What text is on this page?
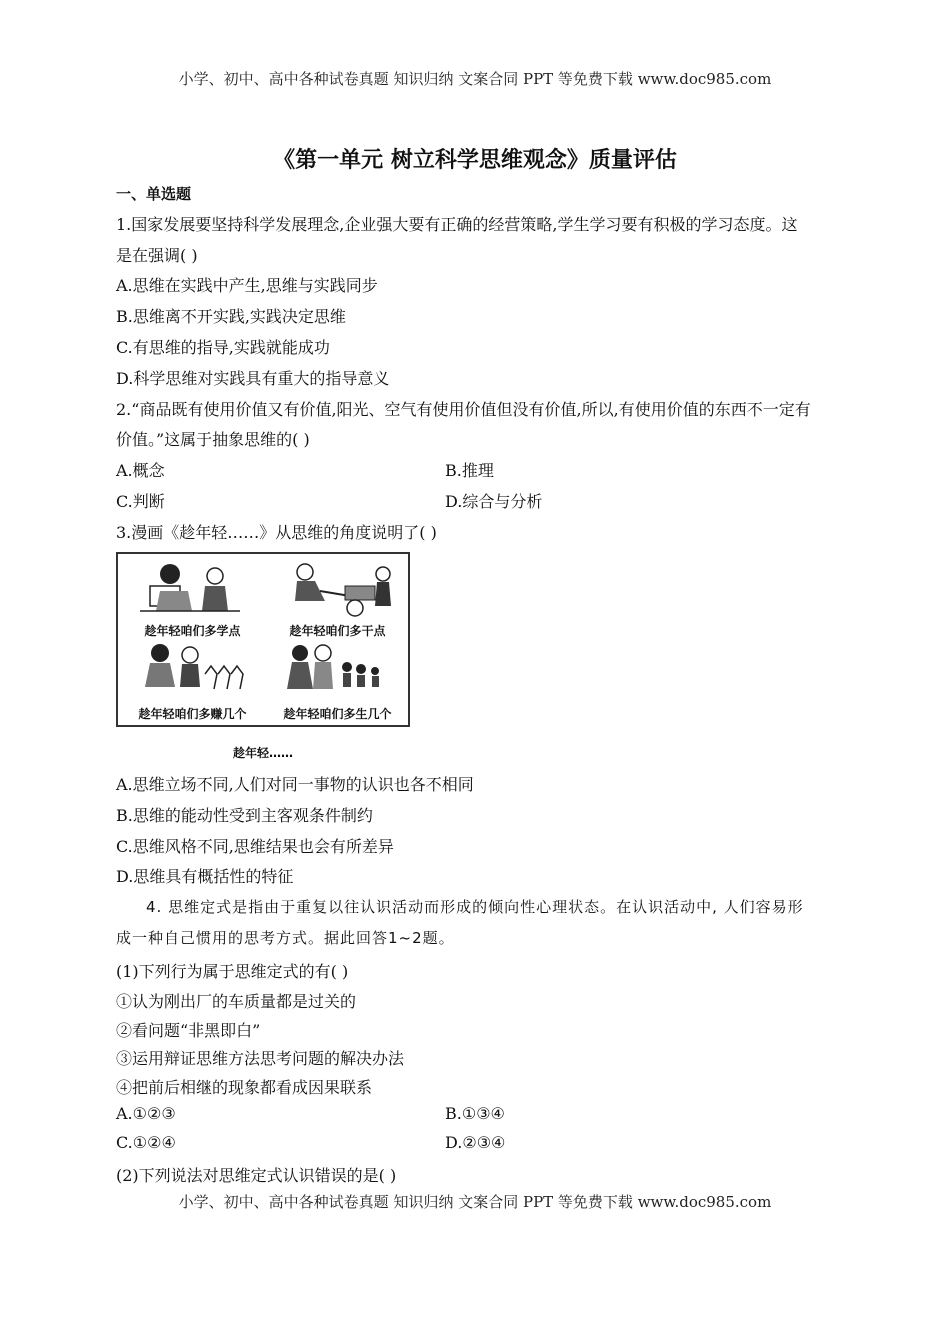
小学、初中、高中各种试卷真题 知识归纳 文案合同 PPT 等免费下载 www.doc985.com
《第一单元 树立科学思维观念》质量评估
一、单选题
1.国家发展要坚持科学发展理念,企业强大要有正确的经营策略,学生学习要有积极的学习态度。这
是在强调( )
A.思维在实践中产生,思维与实践同步
B.思维离不开实践,实践决定思维
C.有思维的指导,实践就能成功
D.科学思维对实践具有重大的指导意义
2.“商品既有使用价值又有价值,阳光、空气有使用价值但没有价值,所以,有使用价值的东西不一定有
价值。”这属于抽象思维的( )
A.概念	B.推理
C.判断	D.综合与分析
3.漫画《趁年轻……》从思维的角度说明了( )
趁年轻咱们多学点	趁年轻咱们多干点
趁年轻咱们多赚几个	趁年轻咱们多生几个
趁年轻……
A.思维立场不同,人们对同一事物的认识也各不相同
B.思维的能动性受到主客观条件制约
C.思维风格不同,思维结果也会有所差异
D.思维具有概括性的特征
4. 思维定式是指由于重复以往认识活动而形成的倾向性心理状态。在认识活动中, 人们容易形
成一种自己惯用的思考方式。据此回答1~2题。
(1)下列行为属于思维定式的有( )
①认为刚出厂的车质量都是过关的
②看问题“非黑即白”
③运用辩证思维方法思考问题的解决办法
④把前后相继的现象都看成因果联系
A.①②③	B.①③④
C.①②④	D.②③④
(2)下列说法对思维定式认识错误的是( )
小学、初中、高中各种试卷真题 知识归纳 文案合同 PPT 等免费下载 www.doc985.com
